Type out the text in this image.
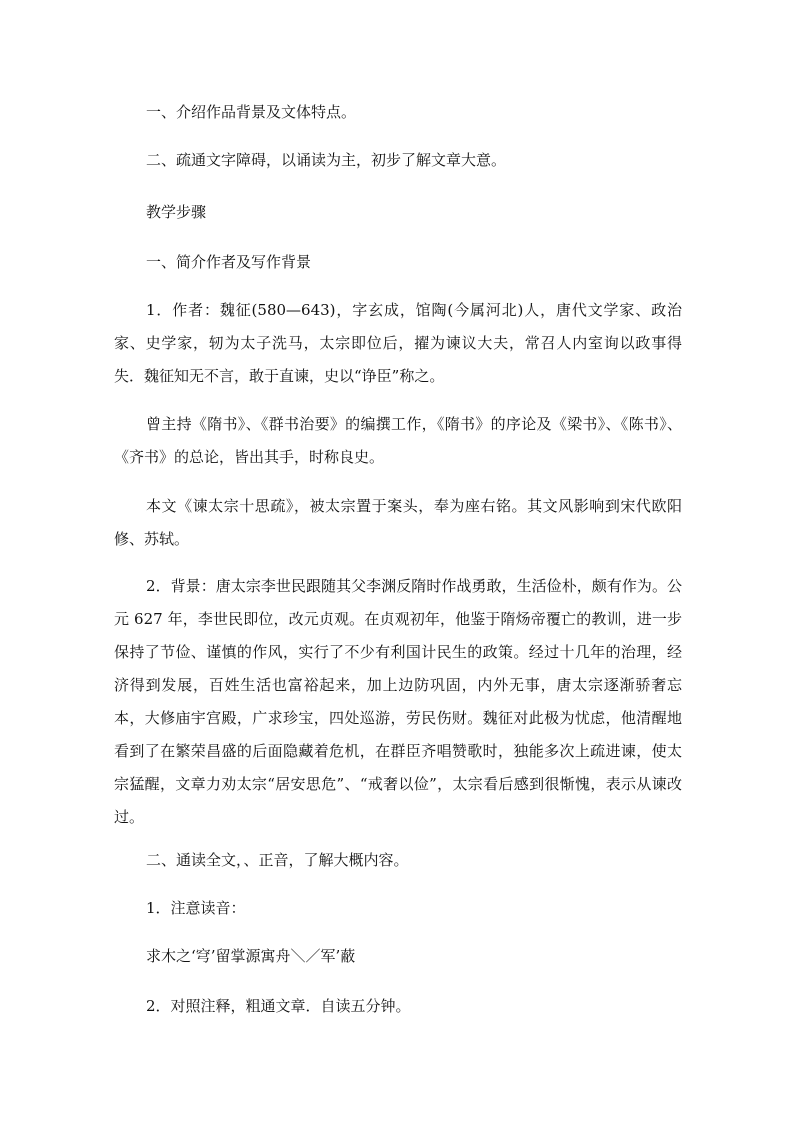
一、介绍作品背景及文体特点。

二、疏通文字障碍，以诵读为主，初步了解文章大意。

教学步骤

一、简介作者及写作背景

1．作者：魏征(580—643)，字玄成，馆陶(今属河北)人，唐代文学家、政治家、史学家，轫为太子洗马，太宗即位后，擢为谏议大夫，常召人内室询以政事得失．魏征知无不言，敢于直谏，史以“诤臣”称之。

曾主持《隋书》、《群书治要》的编撰工作，《隋书》的序论及《梁书》、《陈书》、《齐书》的总论，皆出其手，时称良史。

本文《谏太宗十思疏》，被太宗置于案头，奉为座右铭。其文风影响到宋代欧阳修、苏轼。

2．背景：唐太宗李世民跟随其父李渊反隋时作战勇敢，生活俭朴，颇有作为。公元 627 年，李世民即位，改元贞观。在贞观初年，他鉴于隋炀帝覆亡的教训，进一步保持了节俭、谨慎的作风，实行了不少有利国计民生的政策。经过十几年的治理，经济得到发展，百姓生活也富裕起来，加上边防巩固，内外无事，唐太宗逐渐骄奢忘本，大修庙宇宫殿，广求珍宝，四处巡游，劳民伤财。魏征对此极为忧虑，他清醒地看到了在繁荣昌盛的后面隐藏着危机，在群臣齐唱赞歌时，独能多次上疏进谏，使太宗猛醒，文章力劝太宗“居安思危”、“戒奢以俭”，太宗看后感到很惭愧，表示从谏改过。

二、通读全文，、正音，了解大概内容。

1．注意读音：

求木之‘穹’留掌源寓舟＼／军’蔽

2．对照注释，粗通文章．自读五分钟。
